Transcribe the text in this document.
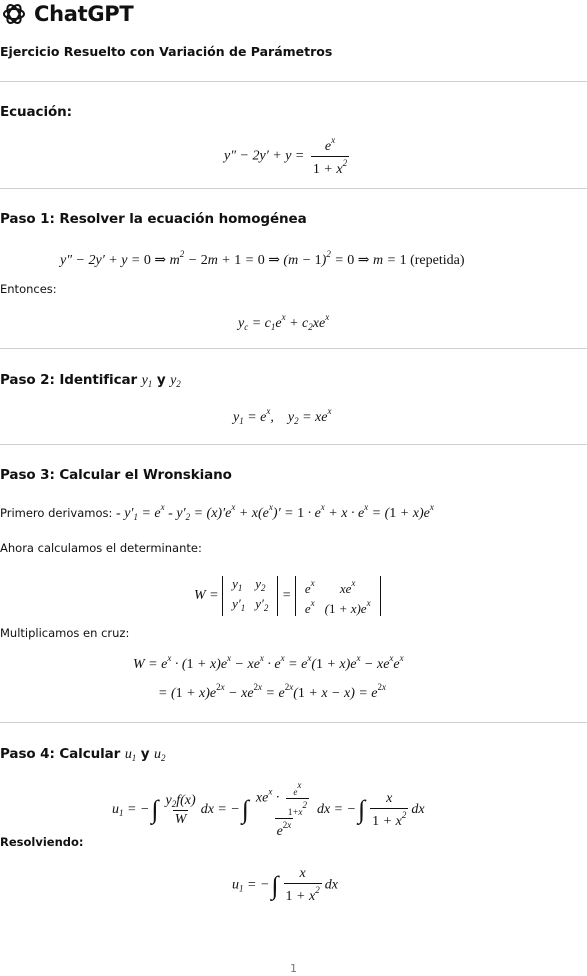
ChatGPT
Ejercicio Resuelto con Variación de Parámetros
Ecuación:
$y'' - 2y' + y = \frac{e^x}{1 + x^2}$
Paso 1: Resolver la ecuación homogénea
y″ − 2y′ + y = 0 ⇒ $m^2 - 2m + 1 = 0$ ⇒ $(m - 1)^2 = 0$ ⇒ m = 1 (repetida)
Entonces:
$y_c = c_1e^x + c_2xe^x$
Paso 2: Identificar $y_1$ y $y_2$
$y_1 = e^x$,    $y_2 = xe^x$
Paso 3: Calcular el Wronskiano
Primero derivamos: - $y'_1 = e^x - y'_2 = (x)'e^x + x(e^x)' = 1 \cdot e^x + x \cdot e^x = (1 + x)e^x$
Ahora calculamos el determinante:
W =
$y_1$	$y_2$
$y'_1$	$y'_2$
= $e^x$	$xe^x$
$e^x$	$(1 + x)e^x$
Multiplicamos en cruz:
$W = e^x \cdot (1 + x)e^x - xe^x \cdot e^x = e^x(1 + x)e^x - xe^xe^x$
= $(1 + x)e^{2x} - xe^{2x} = e^{2x}(1 + x - x) = e^{2x}$
Paso 4: Calcular $u_1$ y $u_2$
$u_1$ = −∫ $\frac{y_2f(x)}{W}$ dx = −∫ $\frac{xe^x \cdot \frac{ex}{1+x2}}{e^{2x}}$ dx = −∫ $\frac{x}{1 + x^2}$ dx
Resolviendo:
$u_1$ = −∫ $\frac{x}{1 + x^2}$ dx
1
